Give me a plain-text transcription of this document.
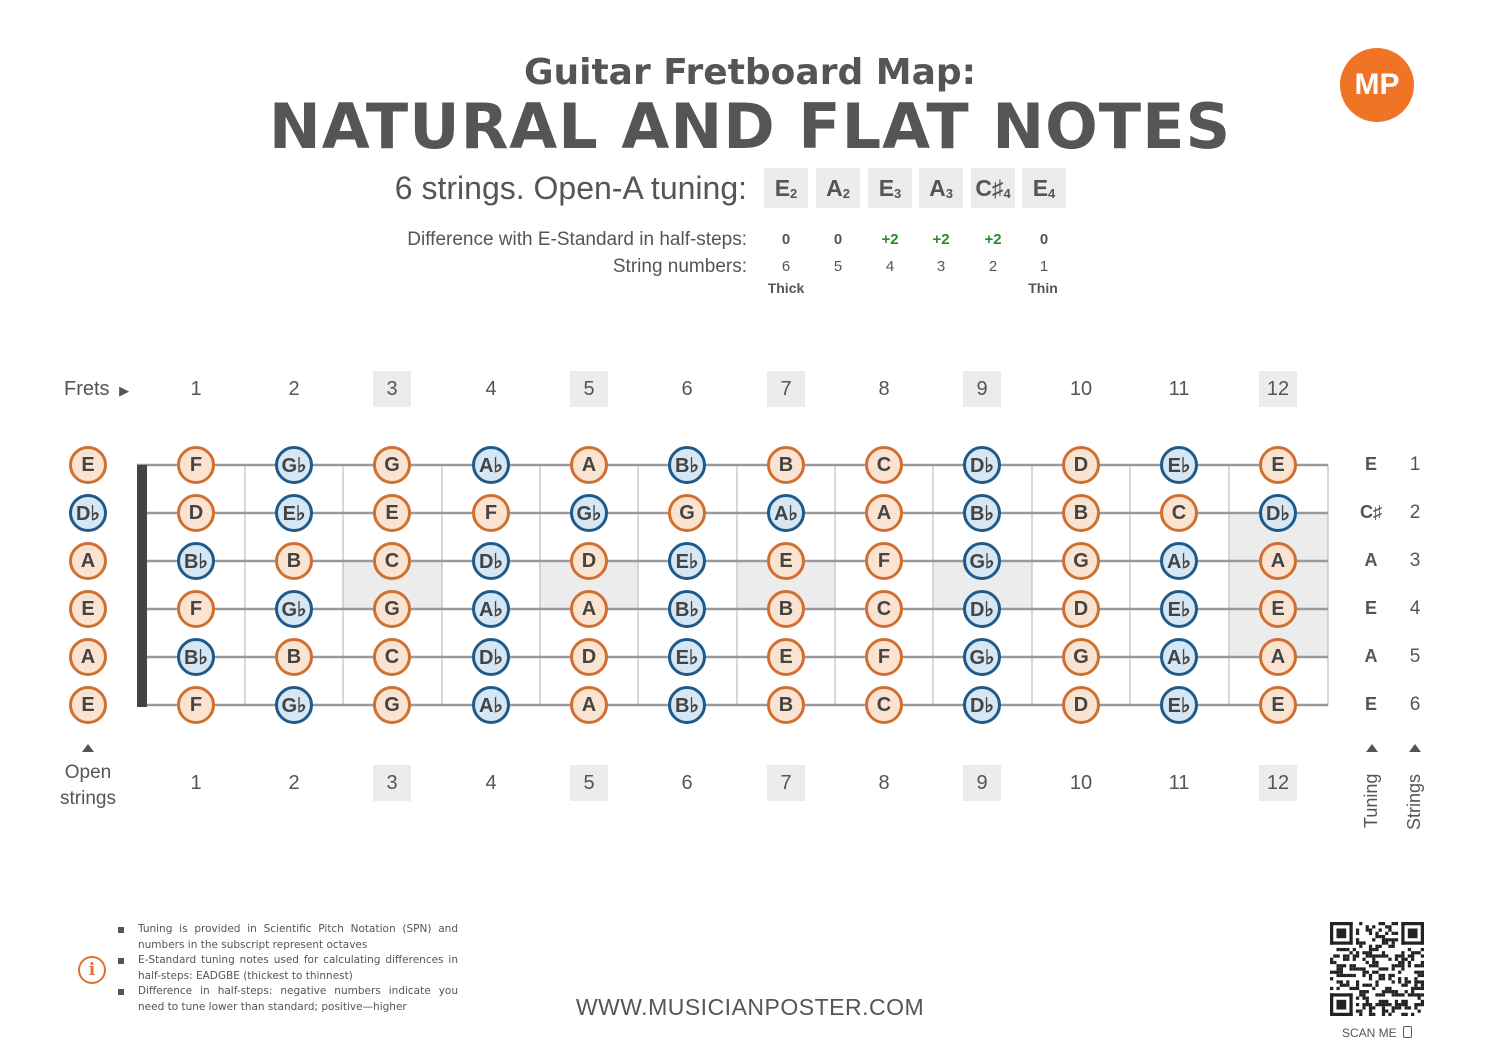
Guitar Fretboard Map:
NATURAL AND FLAT NOTES
MP
6 strings. Open-A tuning: $E_2$ $A_2$ $E_3$ $A_3$ $C♯_4$ $E_4$
Difference with E-Standard in half-steps:
String numbers:
0	0	+2	+2	+2	0
6	5	4	3	2	1
Thick	Thin
Frets ▶	1	2	3	4	5	6	7	8	9	10	11	12
1	2	3	4	5	6	7	8	9	10	11	12
E	1
C♯	2
A	3
E	4
A	5
E	6
E
D♭
A
E
A
E
F	G♭	G	A♭	A	B♭	B	C	D♭	D	E♭	E
D	E♭	E	F	G♭	G	A♭	A	B♭	B	C	D♭
B♭	B	C	D♭	D	E♭	E	F	G♭	G	A♭	A
F	G♭	G	A♭	A	B♭	B	C	D♭	D	E♭	E
B♭	B	C	D♭	D	E♭	E	F	G♭	G	A♭	A
F	G♭	G	A♭	A	B♭	B	C	D♭	D	E♭	E
Open strings	Tuning Strings
i
Tuning is provided in Scientific Pitch Notation (SPN) and numbers in the subscript represent octaves
E-Standard tuning notes used for calculating differences in half-steps: EADGBE (thickest to thinnest)
Difference in half-steps: negative numbers indicate you need to tune lower than standard; positive—higher	WWW.MUSICIANPOSTER.COM
SCAN ME
